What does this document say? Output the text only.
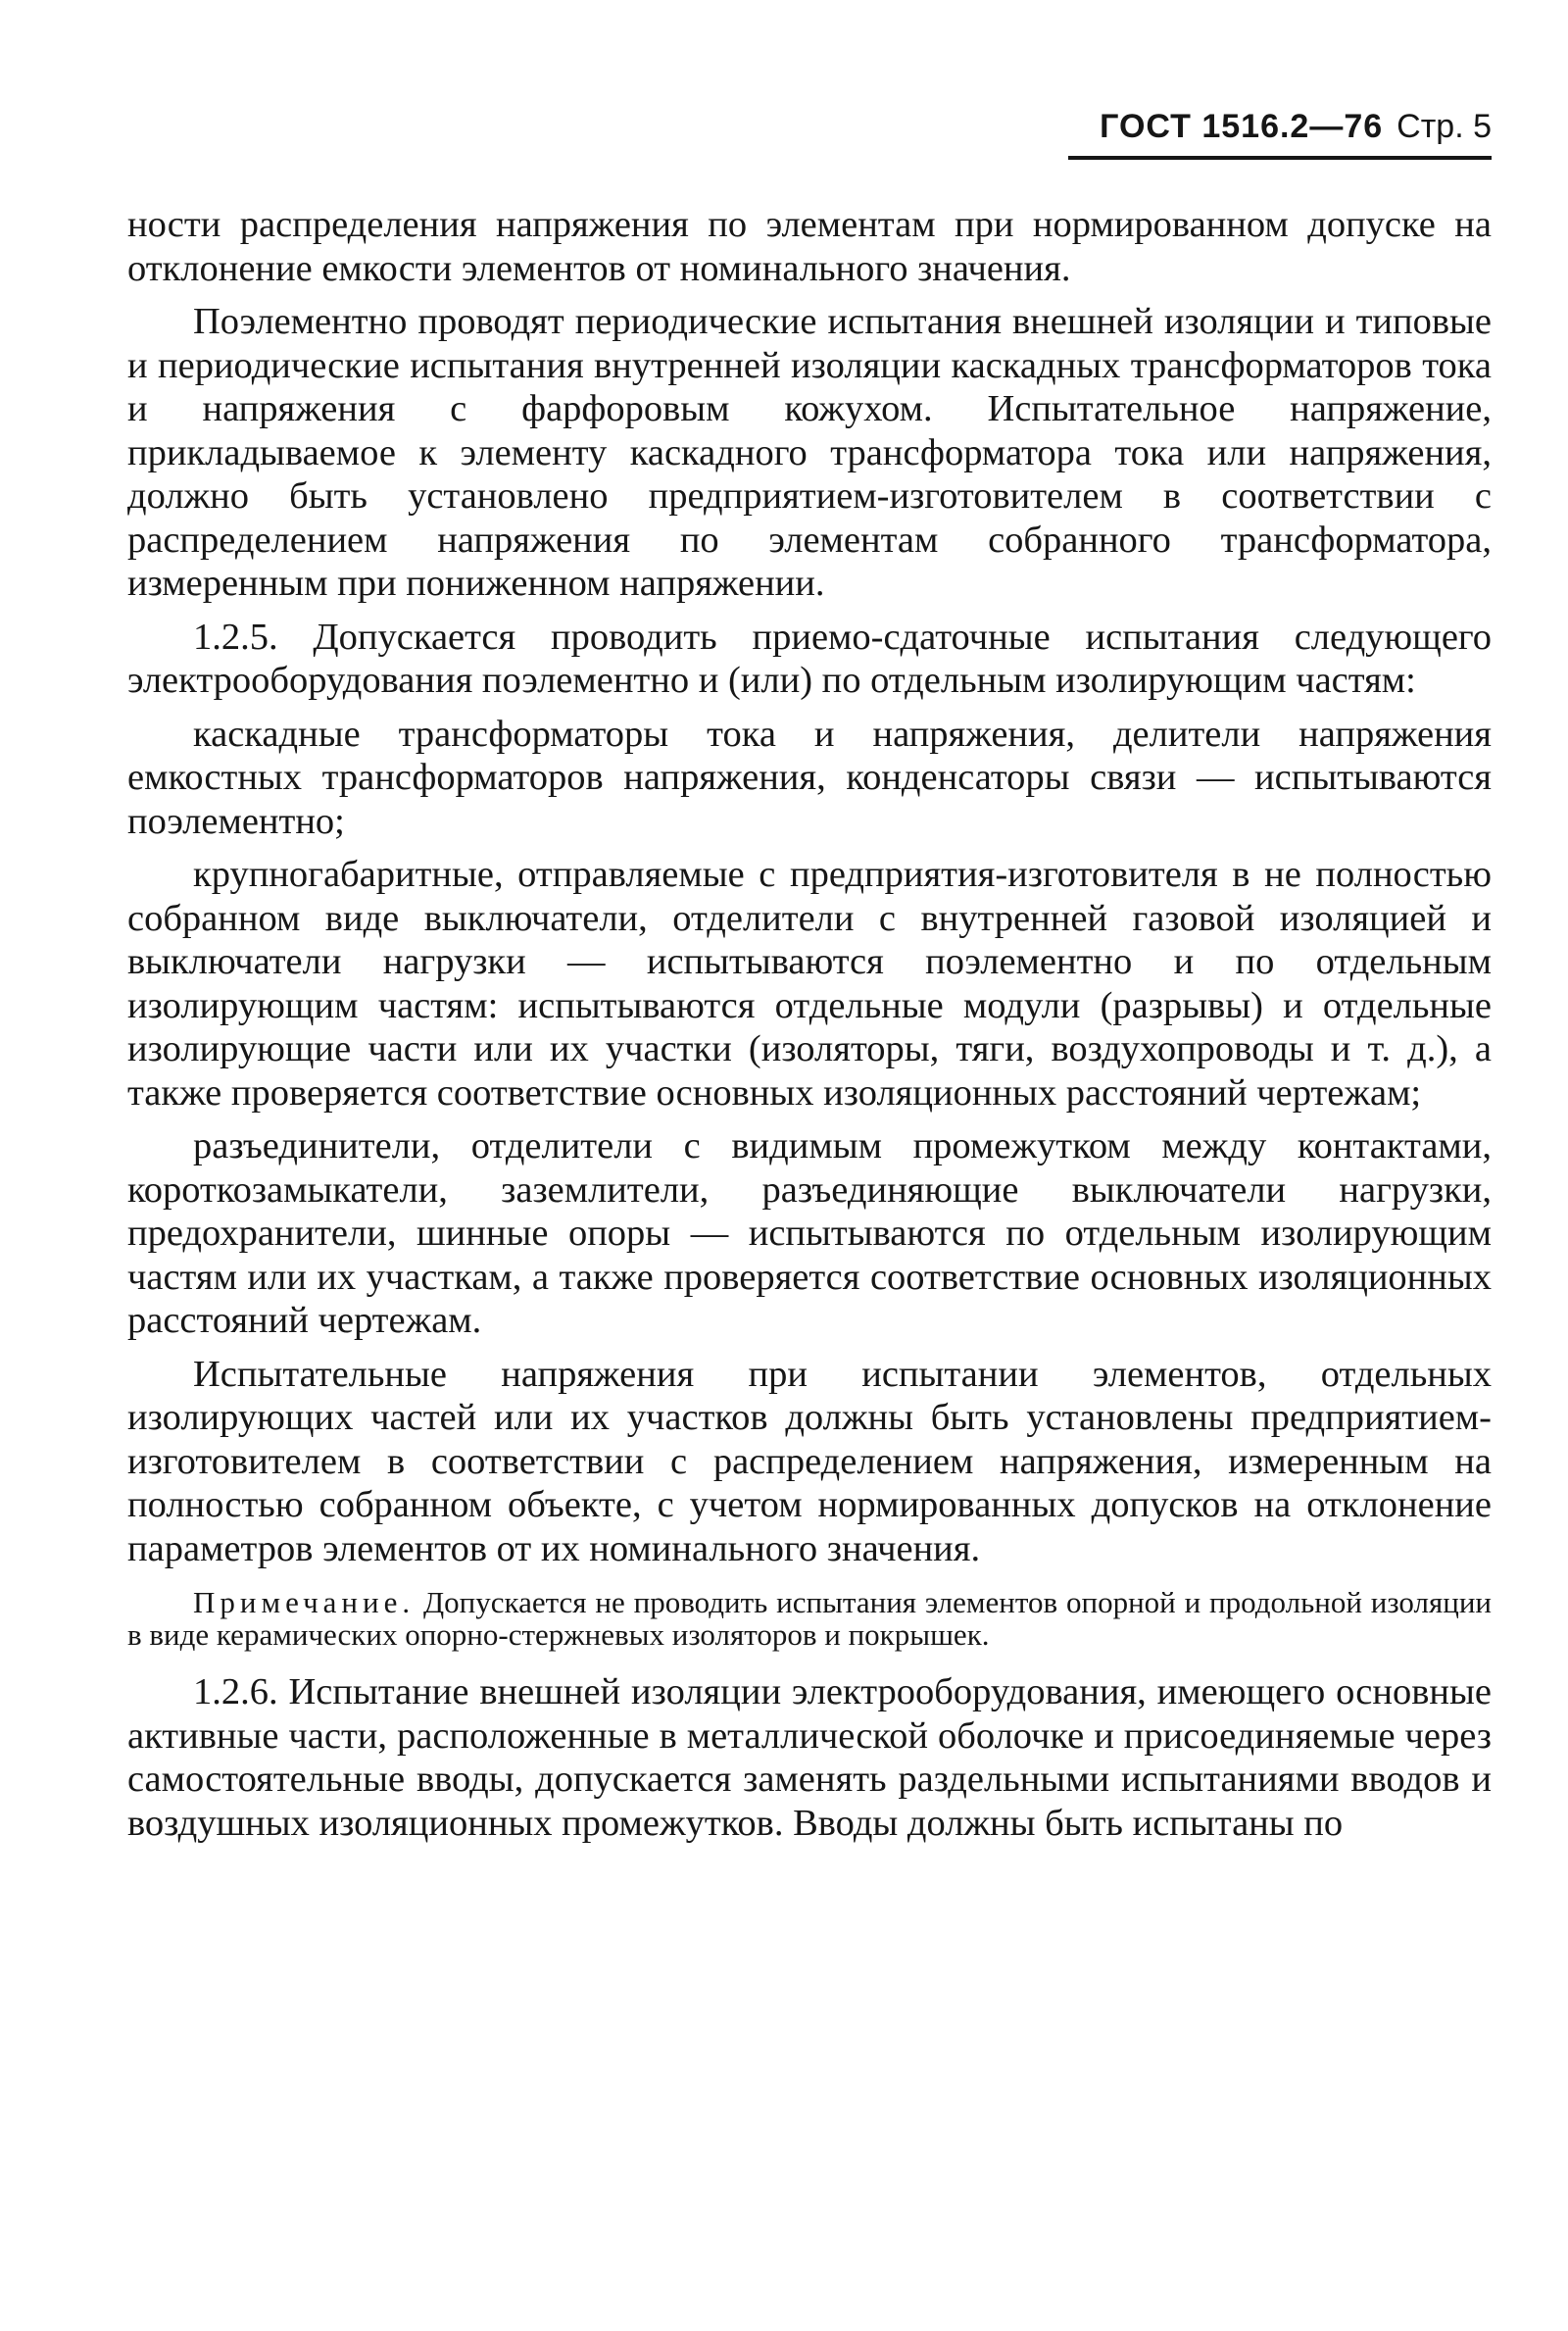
ГОСТ 1516.2—76 Стр. 5

ности распределения напряжения по элементам при нормированном допуске на отклонение емкости элементов от номинального значения.

Поэлементно проводят периодические испытания внешней изоляции и типовые и периодические испытания внутренней изоляции каскадных трансформаторов тока и напряжения с фарфоровым кожухом. Испытательное напряжение, прикладываемое к элементу каскадного трансформатора тока или напряжения, должно быть установлено предприятием-изготовителем в соответствии с распределением напряжения по элементам собранного трансформатора, измеренным при пониженном напряжении.

1.2.5. Допускается проводить приемо-сдаточные испытания следующего электрооборудования поэлементно и (или) по отдельным изолирующим частям:

каскадные трансформаторы тока и напряжения, делители напряжения емкостных трансформаторов напряжения, конденсаторы связи — испытываются поэлементно;

крупногабаритные, отправляемые с предприятия-изготовителя в не полностью собранном виде выключатели, отделители с внутренней газовой изоляцией и выключатели нагрузки — испытываются поэлементно и по отдельным изолирующим частям: испытываются отдельные модули (разрывы) и отдельные изолирующие части или их участки (изоляторы, тяги, воздухопроводы и т. д.), а также проверяется соответствие основных изоляционных расстояний чертежам;

разъединители, отделители с видимым промежутком между контактами, короткозамыкатели, заземлители, разъединяющие выключатели нагрузки, предохранители, шинные опоры — испытываются по отдельным изолирующим частям или их участкам, а также проверяется соответствие основных изоляционных расстояний чертежам.

Испытательные напряжения при испытании элементов, отдельных изолирующих частей или их участков должны быть установлены предприятием-изготовителем в соответствии с распределением напряжения, измеренным на полностью собранном объекте, с учетом нормированных допусков на отклонение параметров элементов от их номинального значения.

Примечание. Допускается не проводить испытания элементов опорной и продольной изоляции в виде керамических опорно-стержневых изоляторов и покрышек.

1.2.6. Испытание внешней изоляции электрооборудования, имеющего основные активные части, расположенные в металлической оболочке и присоединяемые через самостоятельные вводы, допускается заменять раздельными испытаниями вводов и воздушных изоляционных промежутков. Вводы должны быть испытаны по
